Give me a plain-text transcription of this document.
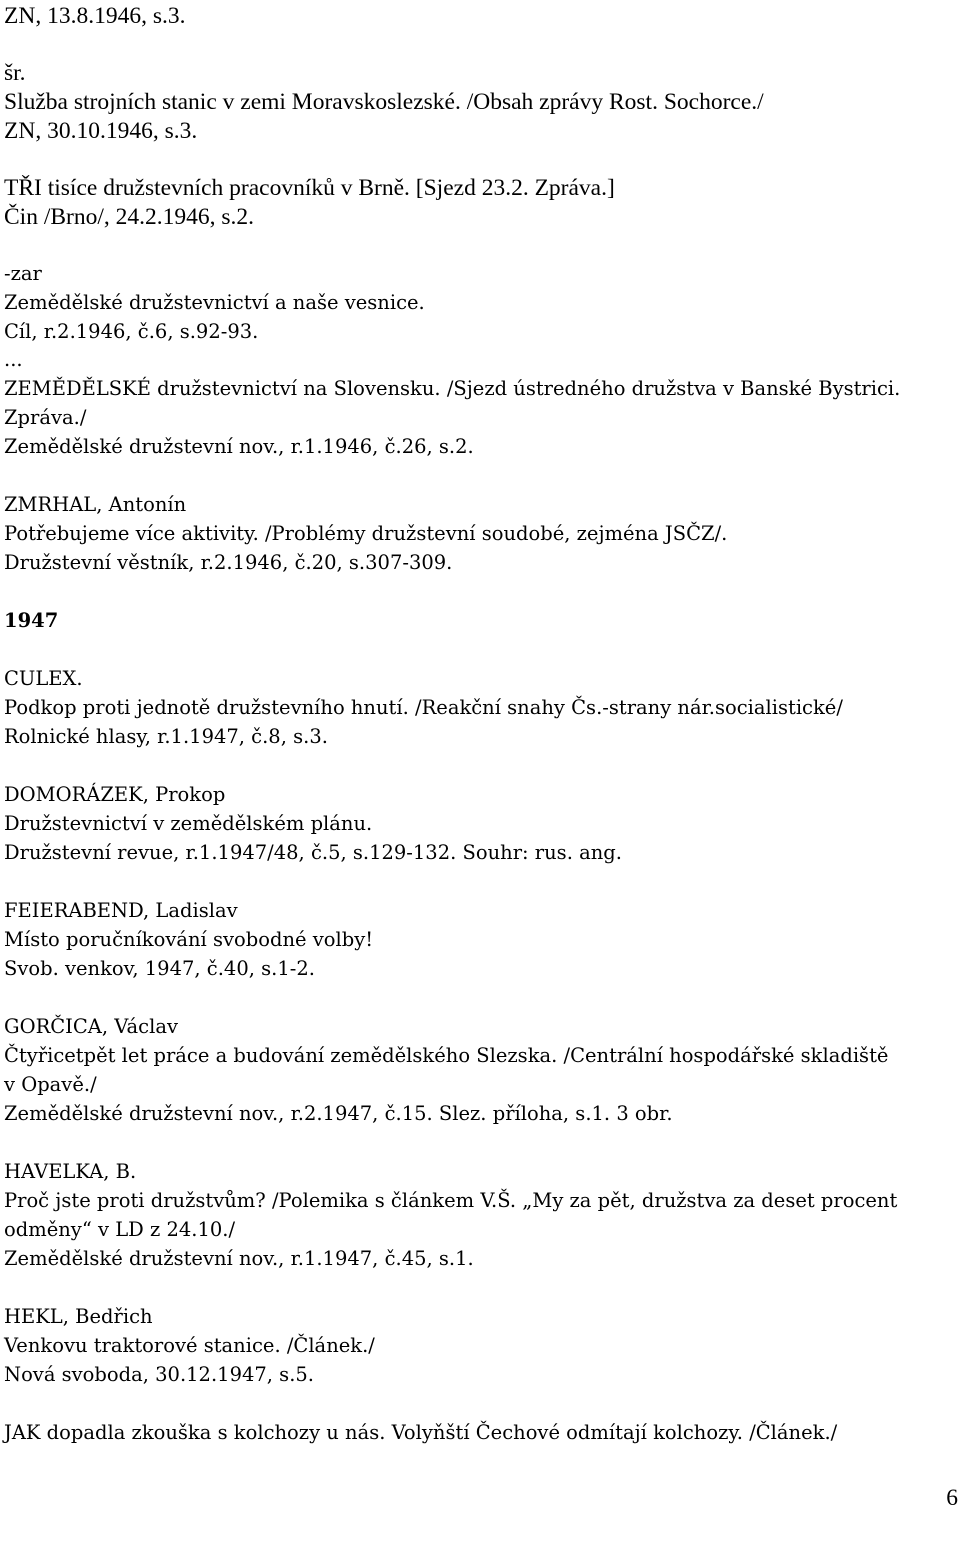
ZN, 13.8.1946, s.3.
šr.
Služba strojních stanic v zemi Moravskoslezské. /Obsah zprávy Rost. Sochorce./
ZN, 30.10.1946, s.3.
TŘI tisíce družstevních pracovníků v Brně. [Sjezd 23.2. Zpráva.]
Čin /Brno/, 24.2.1946, s.2.
-zar
Zemědělské družstevnictví a naše vesnice.
Cíl, r.2.1946, č.6, s.92-93.
...
ZEMĚDĚLSKÉ družstevnictví na Slovensku. /Sjezd ústredného družstva v Banské Bystrici.
Zpráva./
Zemědělské družstevní nov., r.1.1946, č.26, s.2.
ZMRHAL, Antonín
Potřebujeme více aktivity. /Problémy družstevní soudobé, zejména JSČZ/.
Družstevní věstník, r.2.1946, č.20, s.307-309.
1947
CULEX.
Podkop proti jednotě družstevního hnutí. /Reakční snahy Čs.-strany nár.socialistické/
Rolnické hlasy, r.1.1947, č.8, s.3.
DOMORÁZEK, Prokop
Družstevnictví v zemědělském plánu.
Družstevní revue, r.1.1947/48, č.5, s.129-132. Souhr: rus. ang.
FEIERABEND, Ladislav
Místo poručníkování svobodné volby!
Svob. venkov, 1947, č.40, s.1-2.
GORČICA, Václav
Čtyřicetpět let práce a budování zemědělského Slezska. /Centrální hospodářské skladiště
v Opavě./
Zemědělské družstevní nov., r.2.1947, č.15. Slez. příloha, s.1. 3 obr.
HAVELKA, B.
Proč jste proti družstvům? /Polemika s článkem V.Š. „My za pět, družstva za deset procent
odměny“ v LD z 24.10./
Zemědělské družstevní nov., r.1.1947, č.45, s.1.
HEKL, Bedřich
Venkovu traktorové stanice. /Článek./
Nová svoboda, 30.12.1947, s.5.
JAK dopadla zkouška s kolchozy u nás. Volyňští Čechové odmítají kolchozy. /Článek./
6
